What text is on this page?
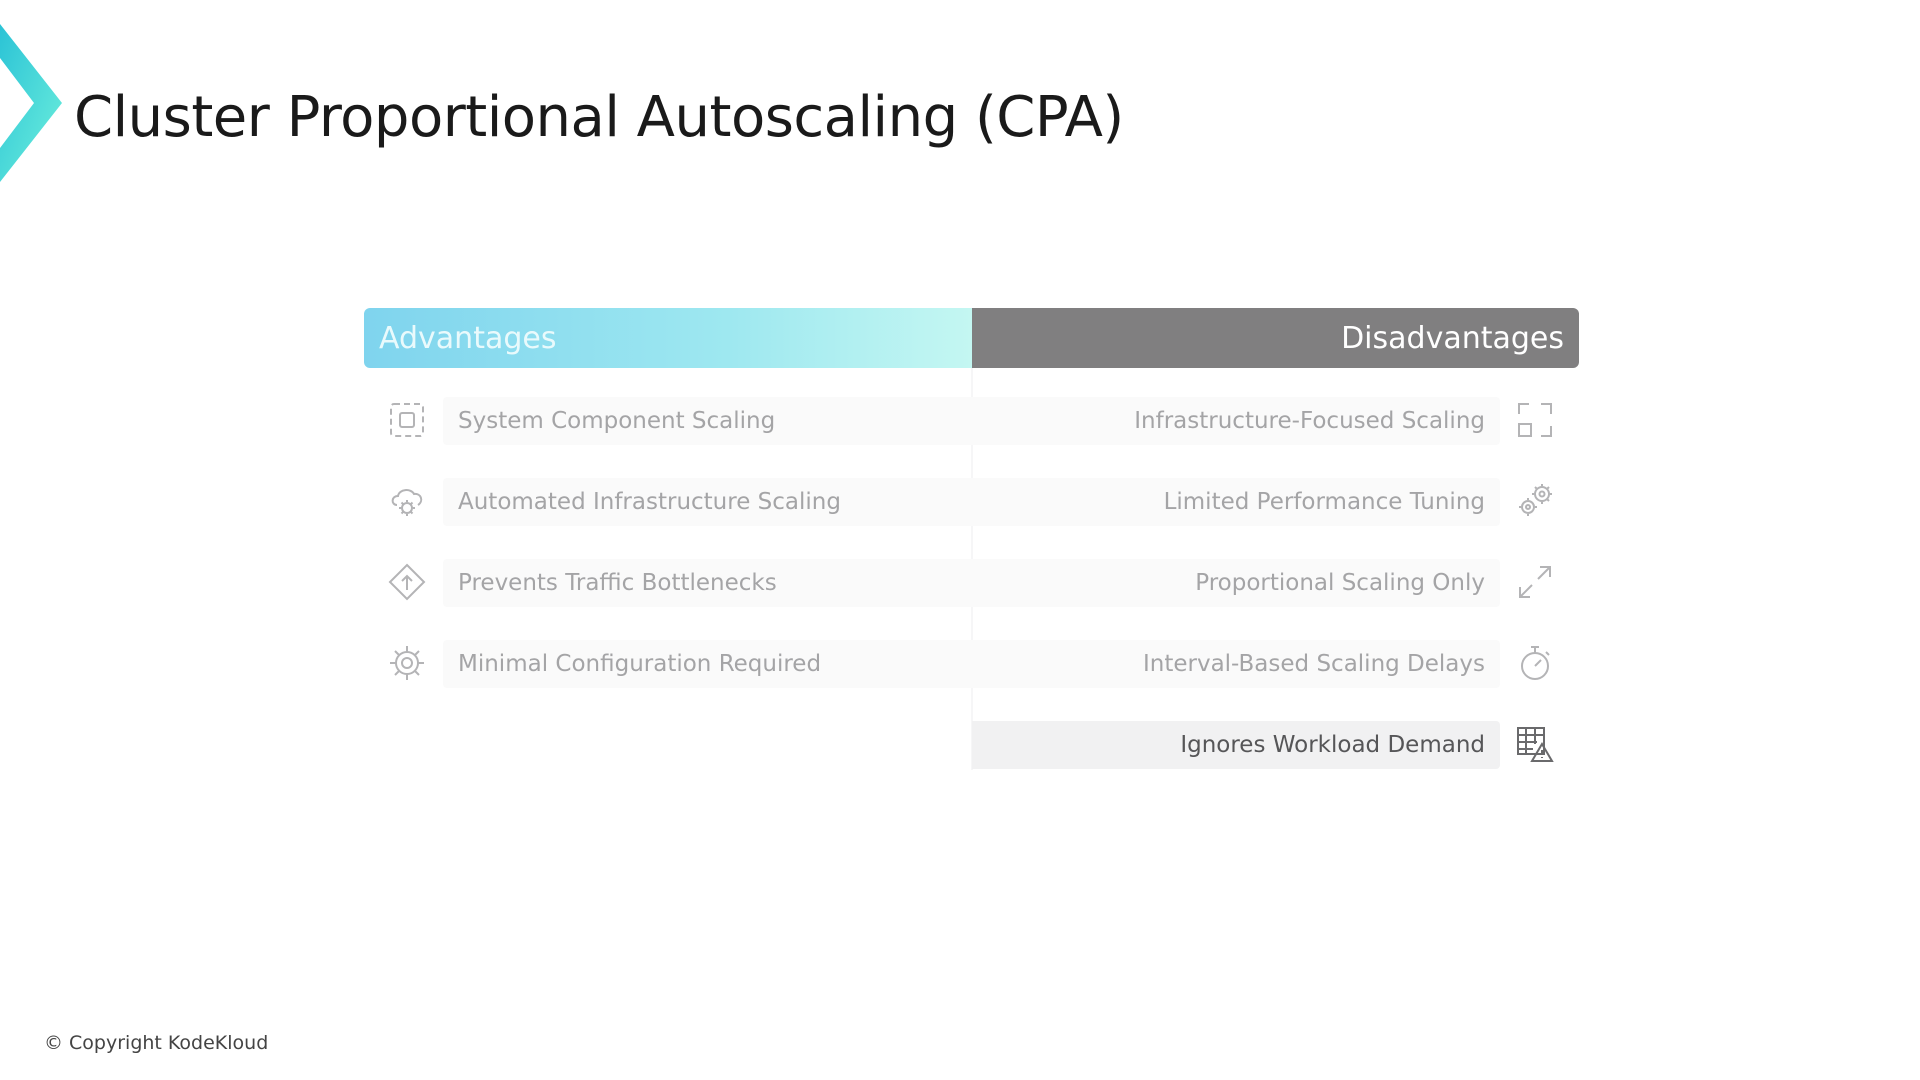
Cluster Proportional Autoscaling (CPA)
Advantages	Disadvantages
System Component Scaling
Automated Infrastructure Scaling
Prevents Traffic Bottlenecks
Minimal Configuration Required
Infrastructure-Focused Scaling
Limited Performance Tuning
Proportional Scaling Only
Interval-Based Scaling Delays
Ignores Workload Demand
© Copyright KodeKloud
